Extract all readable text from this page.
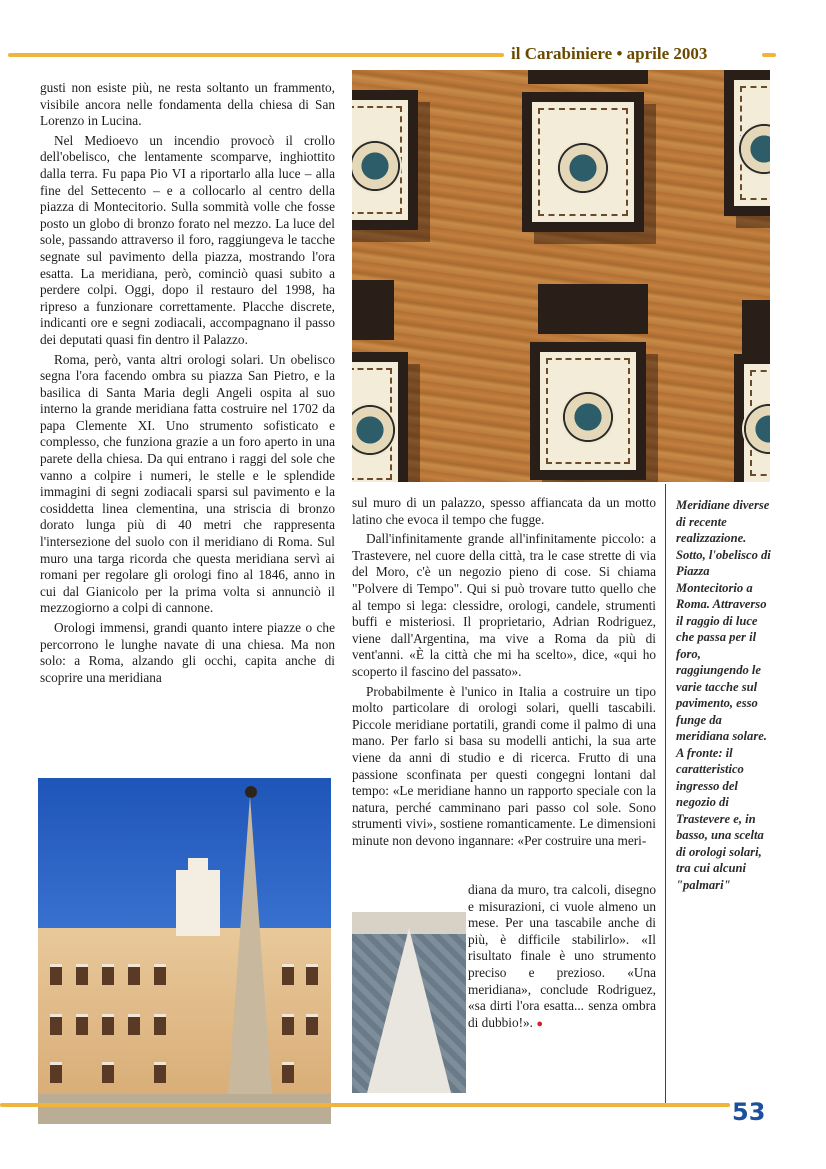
il Carabiniere • aprile 2003

gusti non esiste più, ne resta soltanto un frammento, visibile ancora nelle fondamenta della chiesa di San Lorenzo in Lucina.

Nel Medioevo un incendio provocò il crollo dell'obelisco, che lentamente scomparve, inghiottito dalla terra. Fu papa Pio VI a riportarlo alla luce – alla fine del Settecento – e a collocarlo al centro della piazza di Montecitorio. Sulla sommità volle che fosse posto un globo di bronzo forato nel mezzo. La luce del sole, passando attraverso il foro, raggiungeva le tacche segnate sul pavimento della piazza, mostrando l'ora esatta. La meridiana, però, cominciò quasi subito a perdere colpi. Oggi, dopo il restauro del 1998, ha ripreso a funzionare correttamente. Placche discrete, indicanti ore e segni zodiacali, accompagnano il passo dei deputati quasi fin dentro il Palazzo.

Roma, però, vanta altri orologi solari. Un obelisco segna l'ora facendo ombra su piazza San Pietro, e la basilica di Santa Maria degli Angeli ospita al suo interno la grande meridiana fatta costruire nel 1702 da papa Clemente XI. Uno strumento sofisticato e complesso, che funziona grazie a un foro aperto in una parete della chiesa. Da qui entrano i raggi del sole che vanno a colpire i numeri, le stelle e le splendide immagini di segni zodiacali sparsi sul pavimento e la cosiddetta linea clementina, una striscia di bronzo dorato lunga più di 40 metri che rappresenta l'intersezione del suolo con il meridiano di Roma. Sul muro una targa ricorda che questa meridiana servì ai romani per regolare gli orologi fino al 1846, anno in cui dal Gianicolo per la prima volta si annunciò il mezzogiorno a colpi di cannone.

Orologi immensi, grandi quanto intere piazze o che percorrono le lunghe navate di una chiesa. Ma non solo: a Roma, alzando gli occhi, capita anche di scoprire una meridiana

sul muro di un palazzo, spesso affiancata da un motto latino che evoca il tempo che fugge.

Dall'infinitamente grande all'infinitamente piccolo: a Trastevere, nel cuore della città, tra le case strette di via del Moro, c'è un negozio pieno di cose. Si chiama "Polvere di Tempo". Qui si può trovare tutto quello che al tempo si lega: clessidre, orologi, candele, strumenti buffi e misteriosi. Il proprietario, Adrian Rodriguez, viene dall'Argentina, ma vive a Roma da più di vent'anni. «È la città che mi ha scelto», dice, «qui ho scoperto il fascino del passato».

Probabilmente è l'unico in Italia a costruire un tipo molto particolare di orologi solari, quelli tascabili. Piccole meridiane portatili, grandi come il palmo di una mano. Per farlo si basa su modelli antichi, la sua arte viene da anni di studio e di ricerca. Frutto di una passione sconfinata per questi congegni lontani dal tempo: «Le meridiane hanno un rapporto speciale con la natura, perché camminano pari passo col sole. Sono strumenti vivi», sostiene romanticamente. Le dimensioni minute non devono ingannare: «Per costruire una meri-

diana da muro, tra calcoli, disegno e misurazioni, ci vuole almeno un mese. Per una tascabile anche di più, è difficile stabilirlo». «Il risultato finale è uno strumento preciso e prezioso. «Una meridiana», conclude Rodriguez, «sa dirti l'ora esatta... senza ombra di dubbio!». ●

Meridiane diverse di recente realizzazione. Sotto, l'obelisco di Piazza Montecitorio a Roma. Attraverso il raggio di luce che passa per il foro, raggiungendo le varie tacche sul pavimento, esso funge da meridiana solare. A fronte: il caratteristico ingresso del negozio di Trastevere e, in basso, una scelta di orologi solari, tra cui alcuni "palmari"
53
